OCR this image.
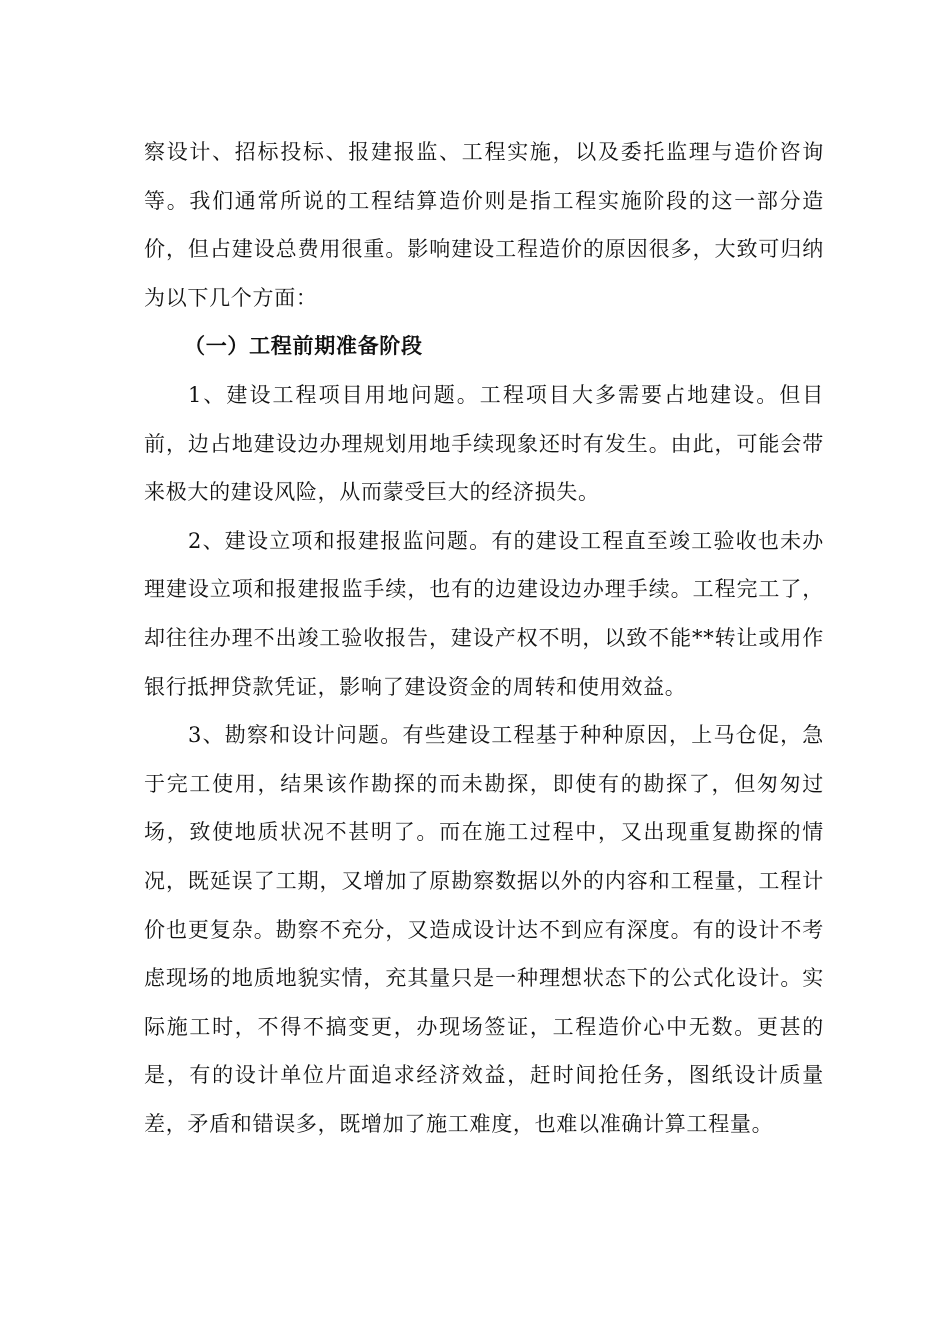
察设计、招标投标、报建报监、工程实施，以及委托监理与造价咨询等。我们通常所说的工程结算造价则是指工程实施阶段的这一部分造价，但占建设总费用很重。影响建设工程造价的原因很多，大致可归纳为以下几个方面：

（一）工程前期准备阶段

1、建设工程项目用地问题。工程项目大多需要占地建设。但目前，边占地建设边办理规划用地手续现象还时有发生。由此，可能会带来极大的建设风险，从而蒙受巨大的经济损失。

2、建设立项和报建报监问题。有的建设工程直至竣工验收也未办理建设立项和报建报监手续，也有的边建设边办理手续。工程完工了，却往往办理不出竣工验收报告，建设产权不明，以致不能**转让或用作银行抵押贷款凭证，影响了建设资金的周转和使用效益。

3、勘察和设计问题。有些建设工程基于种种原因，上马仓促，急于完工使用，结果该作勘探的而未勘探，即使有的勘探了，但匆匆过场，致使地质状况不甚明了。而在施工过程中，又出现重复勘探的情况，既延误了工期，又增加了原勘察数据以外的内容和工程量，工程计价也更复杂。勘察不充分，又造成设计达不到应有深度。有的设计不考虑现场的地质地貌实情，充其量只是一种理想状态下的公式化设计。实际施工时，不得不搞变更，办现场签证，工程造价心中无数。更甚的是，有的设计单位片面追求经济效益，赶时间抢任务，图纸设计质量差，矛盾和错误多，既增加了施工难度，也难以准确计算工程量。
